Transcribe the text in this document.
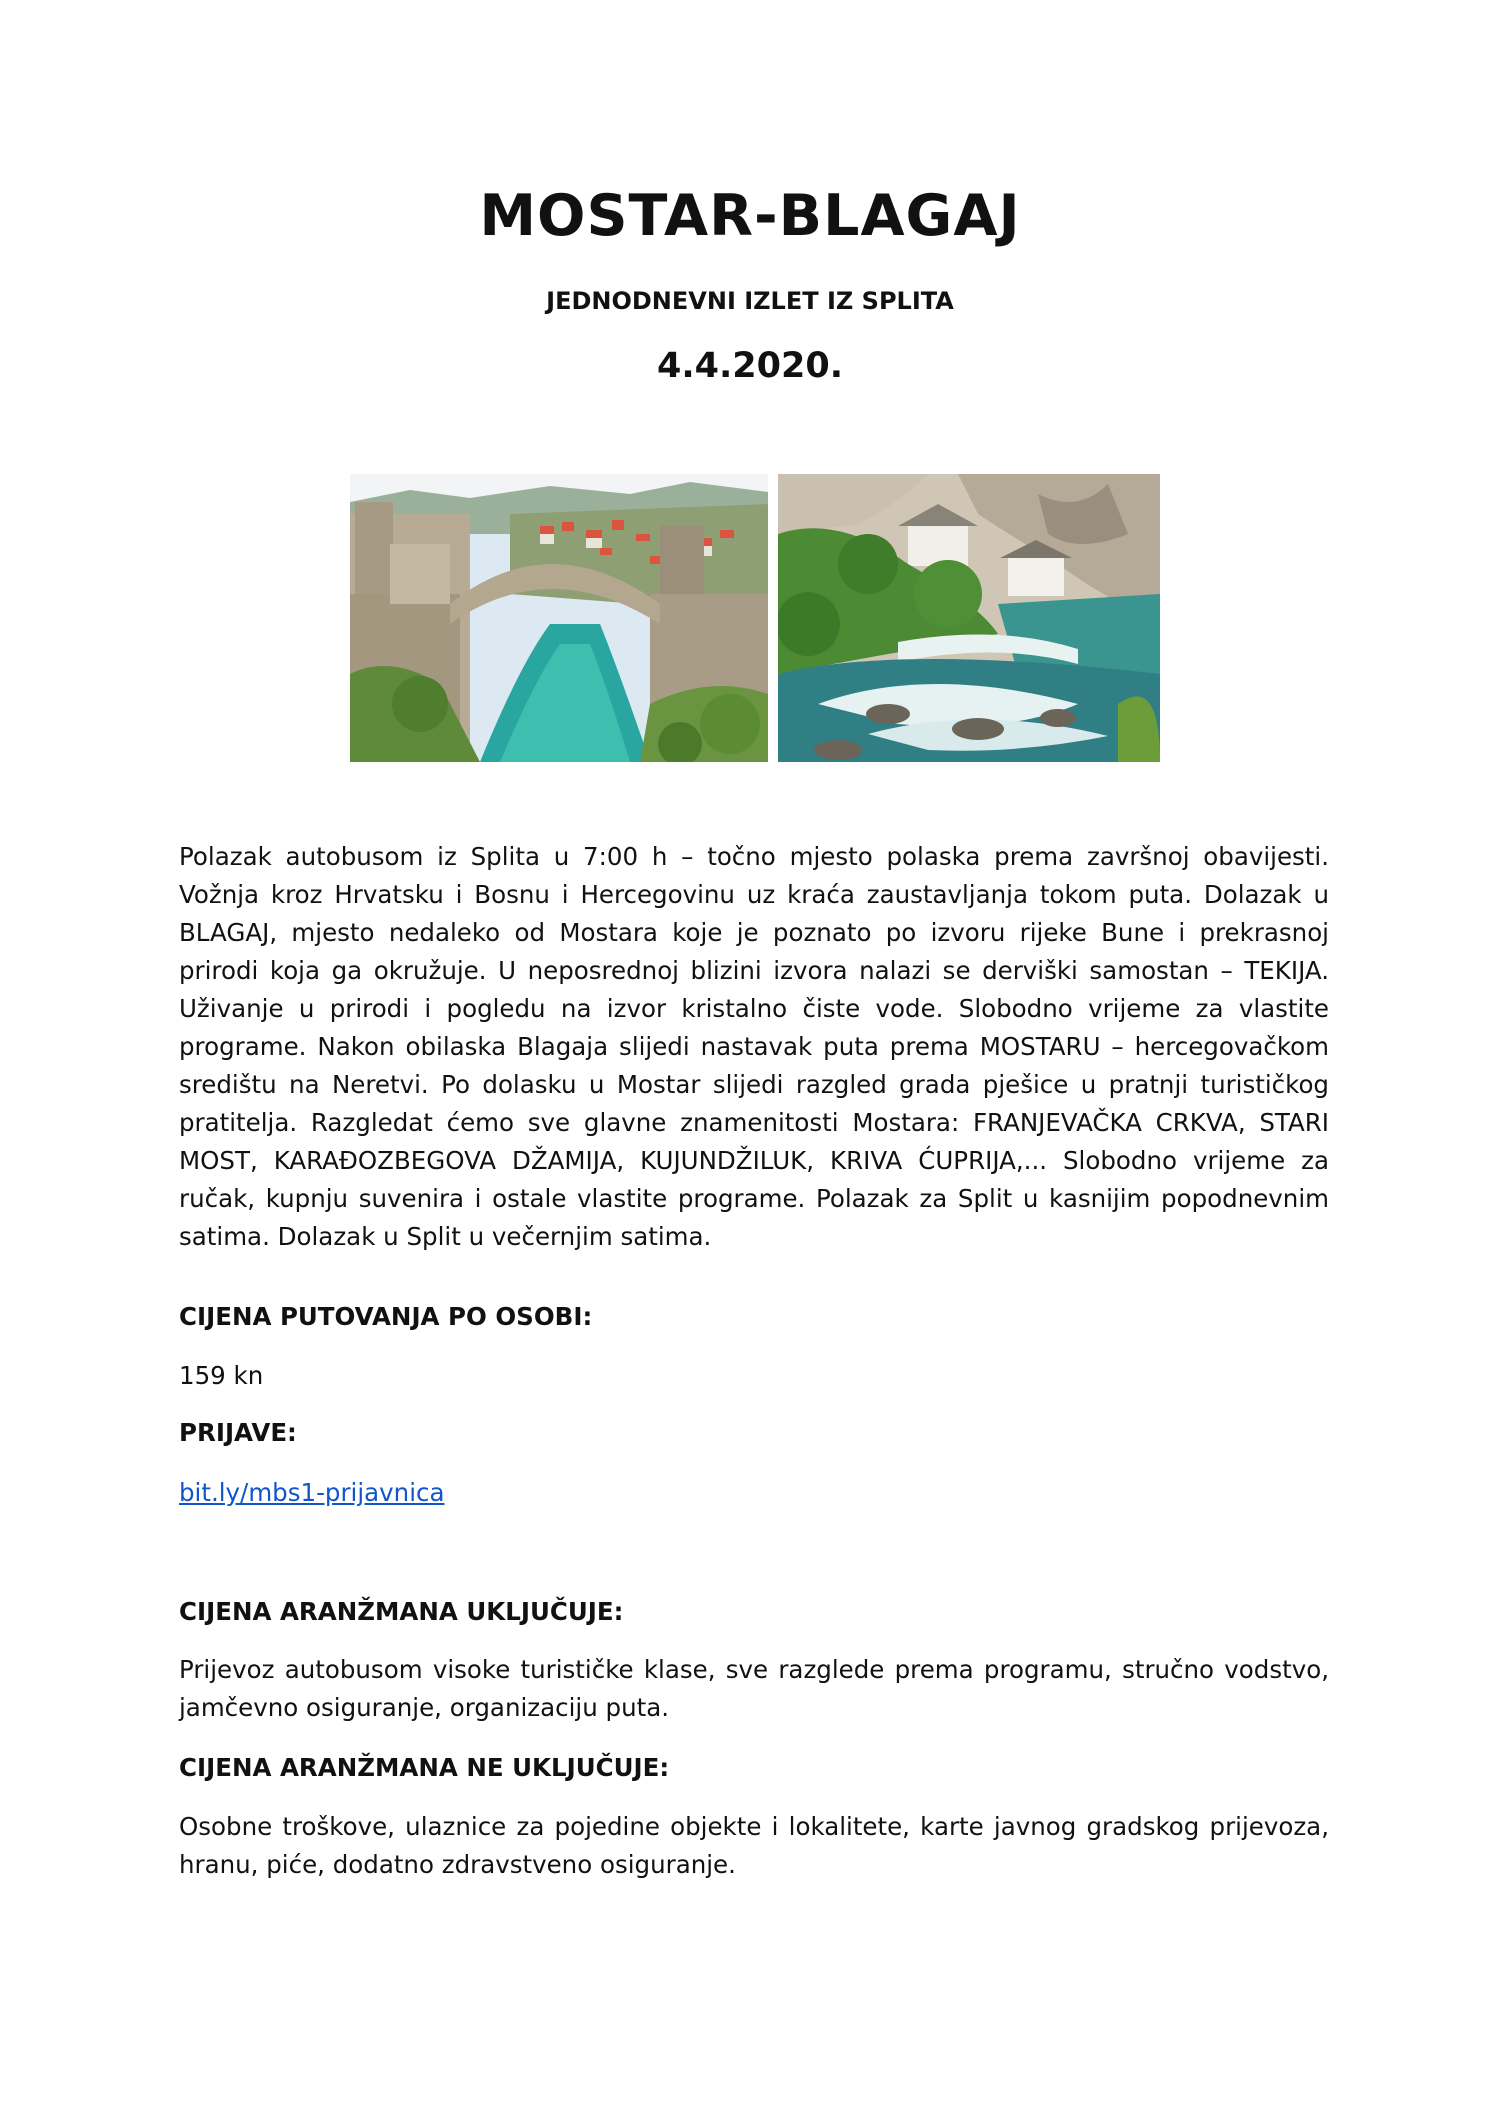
MOSTAR-BLAGAJ

JEDNODNEVNI IZLET IZ SPLITA

4.4.2020.

Polazak autobusom iz Splita u 7:00 h – točno mjesto polaska prema završnoj obavijesti. Vožnja kroz Hrvatsku i Bosnu i Hercegovinu uz kraća zaustavljanja tokom puta. Dolazak u BLAGAJ, mjesto nedaleko od Mostara koje je poznato po izvoru rijeke Bune i prekrasnoj prirodi koja ga okružuje. U neposrednoj blizini izvora nalazi se derviški samostan – TEKIJA. Uživanje u prirodi i pogledu na izvor kristalno čiste vode. Slobodno vrijeme za vlastite programe. Nakon obilaska Blagaja slijedi nastavak puta prema MOSTARU – hercegovačkom središtu na Neretvi. Po dolasku u Mostar slijedi razgled grada pješice u pratnji turističkog pratitelja. Razgledat ćemo sve glavne znamenitosti Mostara: FRANJEVAČKA CRKVA, STARI MOST, KARAĐOZBEGOVA DŽAMIJA, KUJUNDŽILUK, KRIVA ĆUPRIJA,... Slobodno vrijeme za ručak, kupnju suvenira i ostale vlastite programe. Polazak za Split u kasnijim popodnevnim satima. Dolazak u Split u večernjim satima.

CIJENA PUTOVANJA PO OSOBI:

159 kn

PRIJAVE:

bit.ly/mbs1-prijavnica

CIJENA ARANŽMANA UKLJUČUJE:

Prijevoz autobusom visoke turističke klase, sve razglede prema programu, stručno vodstvo, jamčevno osiguranje, organizaciju puta.

CIJENA ARANŽMANA NE UKLJUČUJE:

Osobne troškove, ulaznice za pojedine objekte i lokalitete, karte javnog gradskog prijevoza, hranu, piće, dodatno zdravstveno osiguranje.
